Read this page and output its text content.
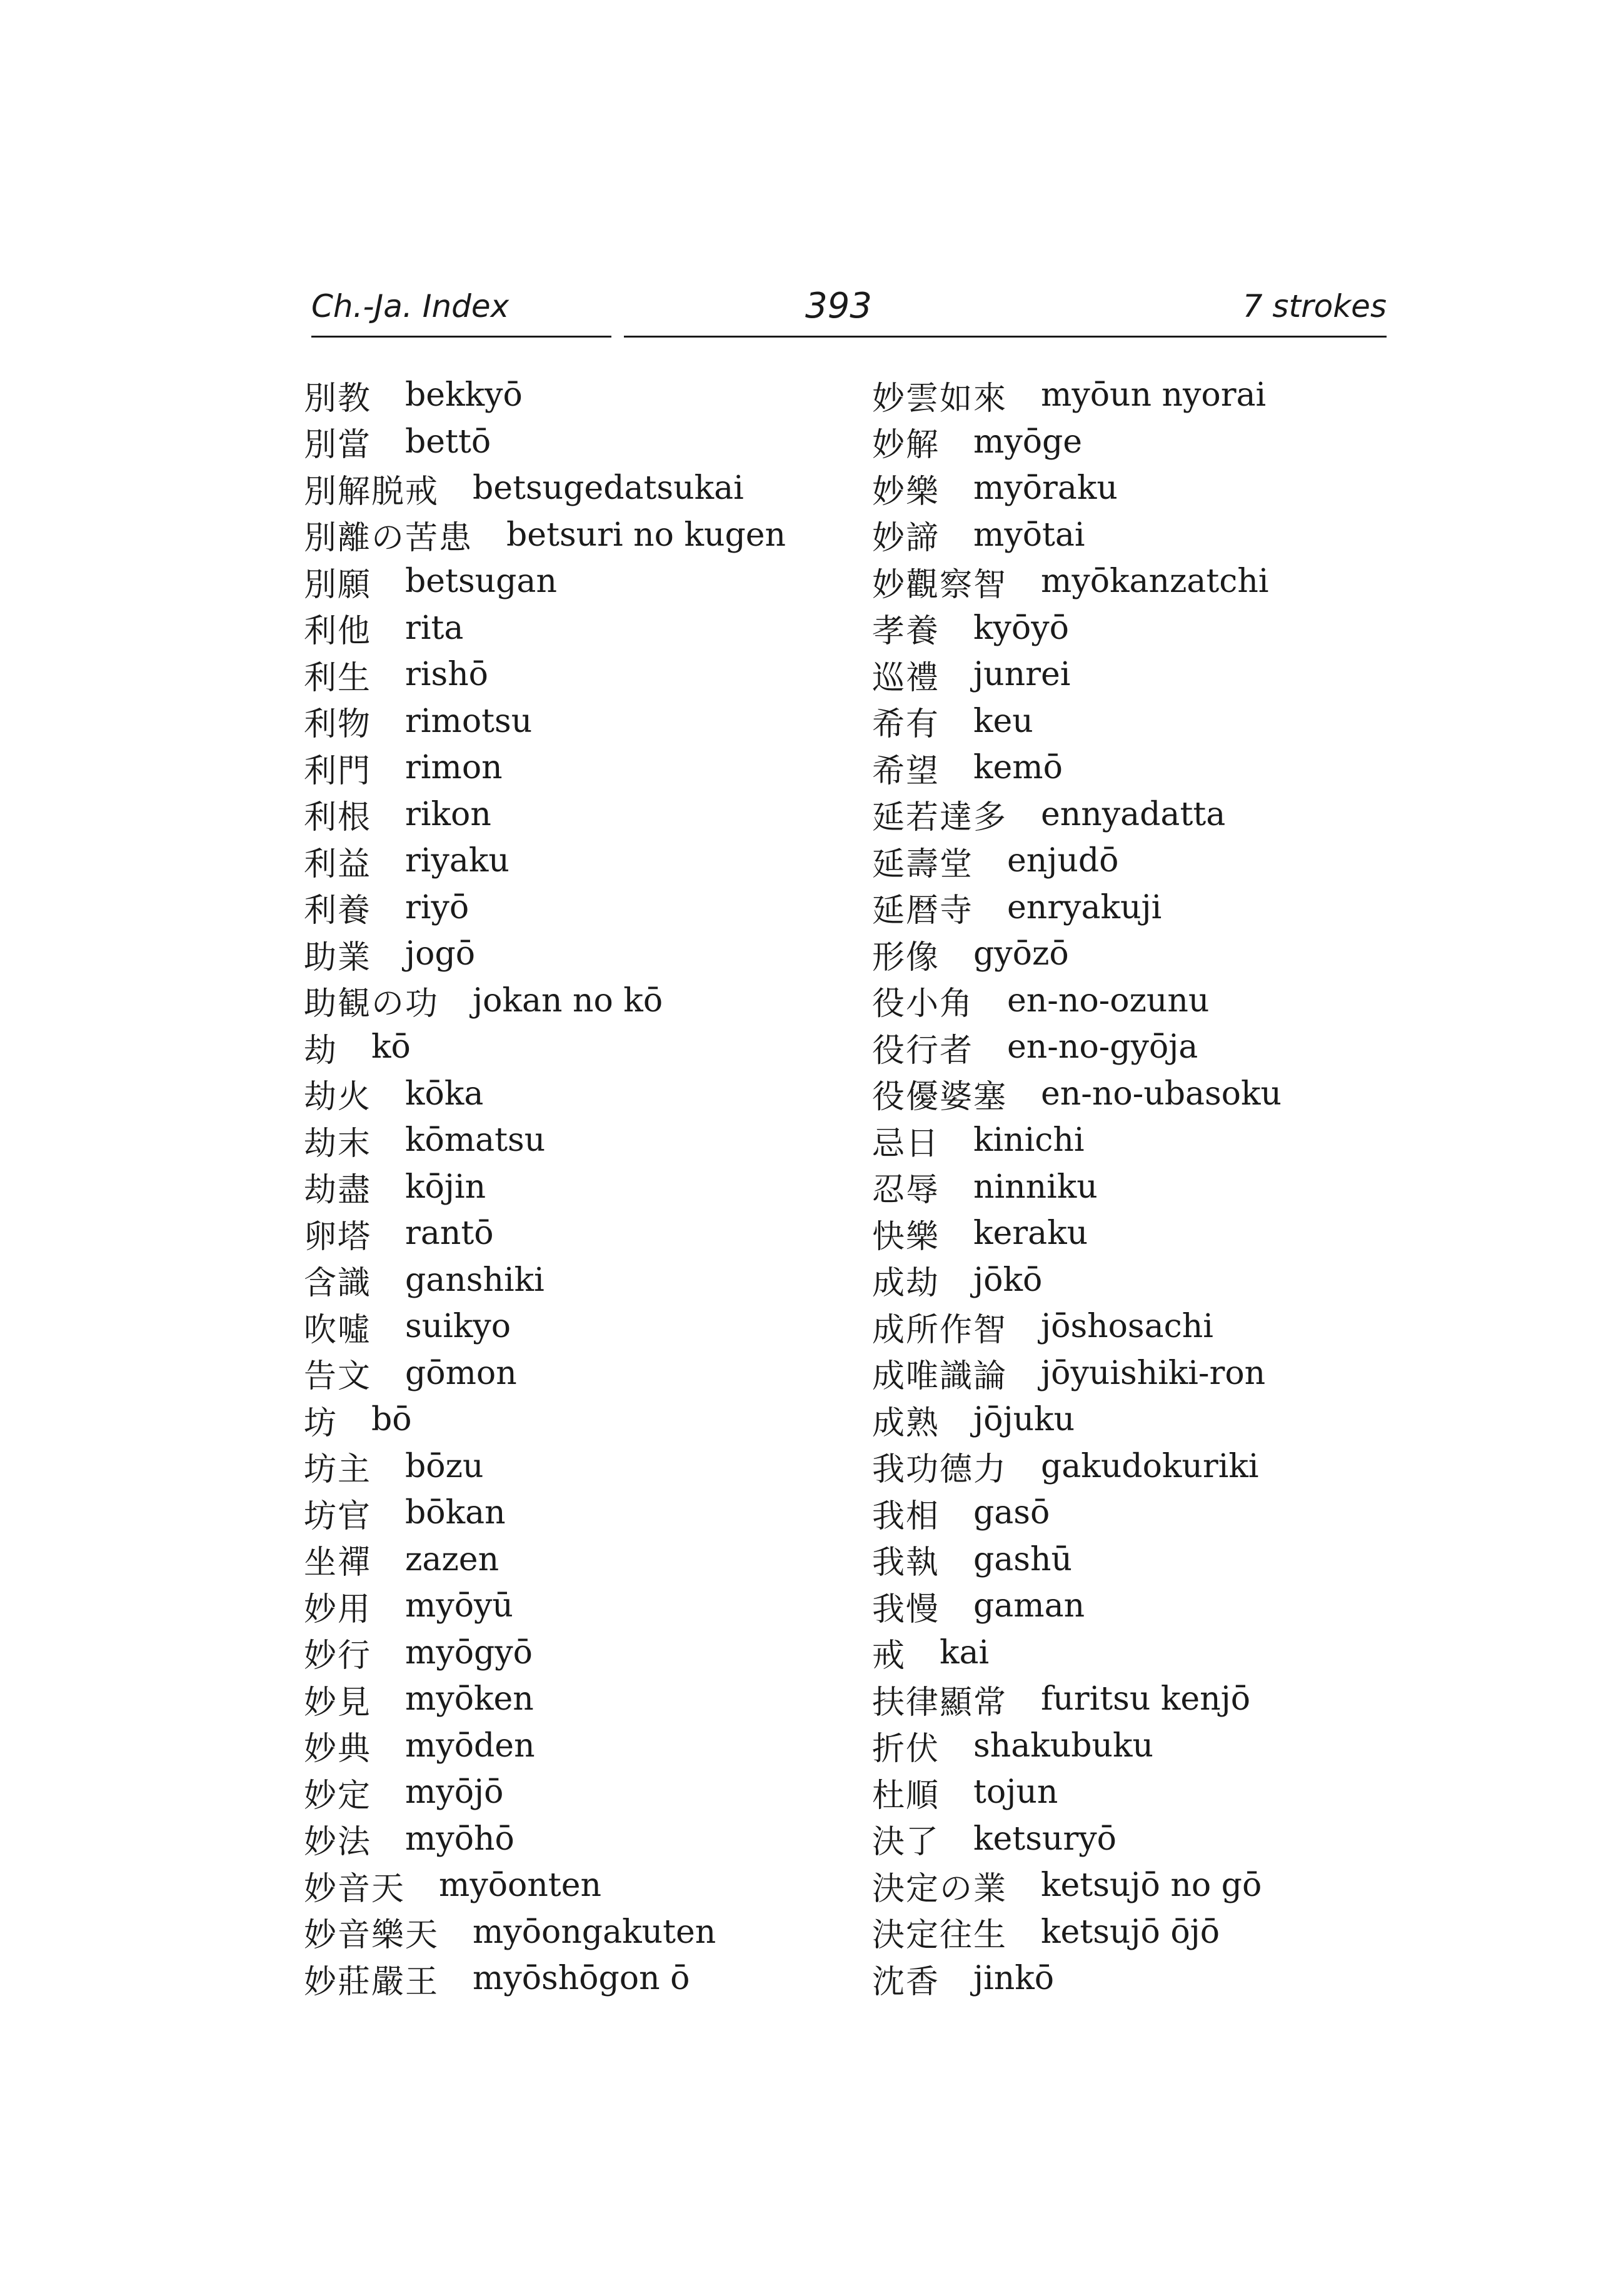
Ch.-Ja. Index	393	7 strokes
別教 bekkyō
別當 bettō
別解脱戒 betsugedatsukai
別離の苦患 betsuri no kugen
別願 betsugan
利他 rita
利生 rishō
利物 rimotsu
利門 rimon
利根 rikon
利益 riyaku
利養 riyō
助業 jogō
助観の功 jokan no kō
劫 kō
劫火 kōka
劫末 kōmatsu
劫盡 kōjin
卵塔 rantō
含識 ganshiki
吹噓 suikyo
告文 gōmon
坊 bō
坊主 bōzu
坊官 bōkan
坐禪 zazen
妙用 myōyū
妙行 myōgyō
妙見 myōken
妙典 myōden
妙定 myōjō
妙法 myōhō
妙音天 myōonten
妙音樂天 myōongakuten
妙莊嚴王 myōshōgon ō
妙雲如來 myōun nyorai
妙解 myōge
妙樂 myōraku
妙諦 myōtai
妙觀察智 myōkanzatchi
孝養 kyōyō
巡禮 junrei
希有 keu
希望 kemō
延若達多 ennyadatta
延壽堂 enjudō
延暦寺 enryakuji
形像 gyōzō
役小角 en-no-ozunu
役行者 en-no-gyōja
役優婆塞 en-no-ubasoku
忌日 kinichi
忍辱 ninniku
快樂 keraku
成劫 jōkō
成所作智 jōshosachi
成唯識論 jōyuishiki-ron
成熟 jōjuku
我功德力 gakudokuriki
我相 gasō
我執 gashū
我慢 gaman
戒 kai
扶律顯常 furitsu kenjō
折伏 shakubuku
杜順 tojun
決了 ketsuryō
決定の業 ketsujō no gō
決定往生 ketsujō ōjō
沈香 jinkō
